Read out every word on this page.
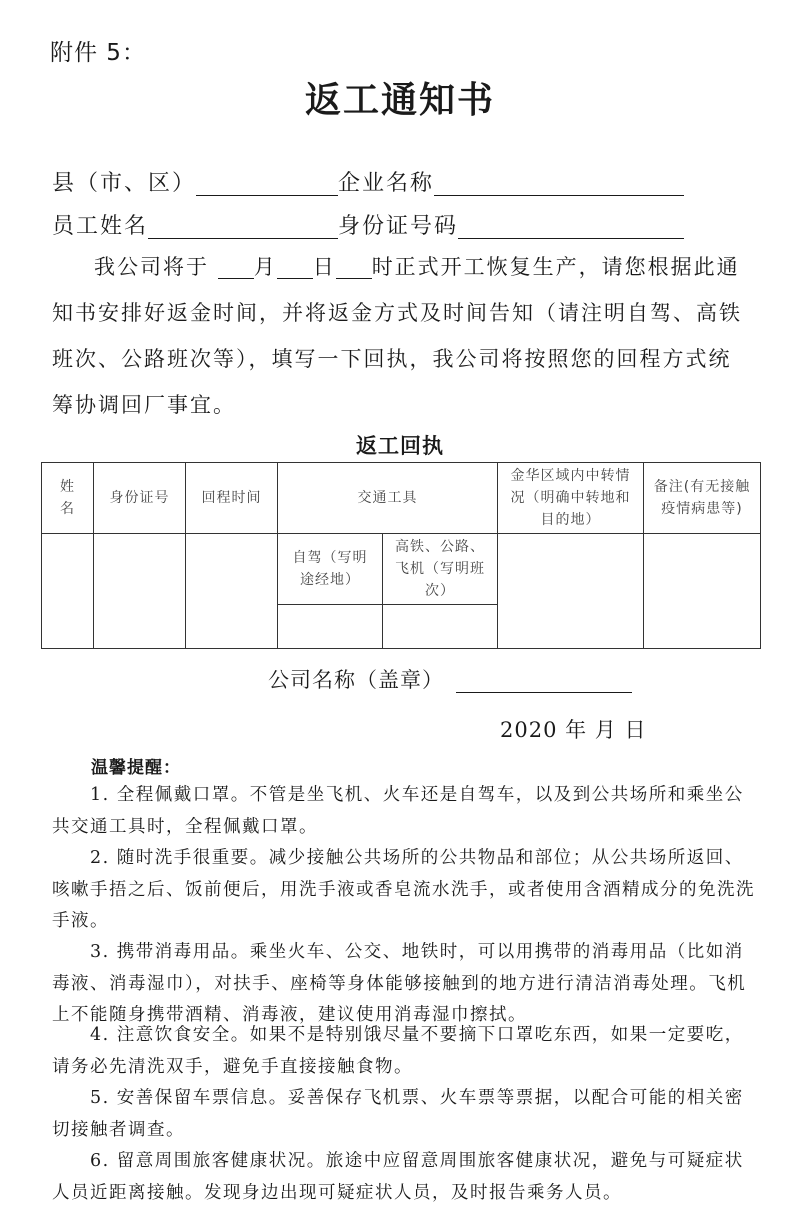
附件 5：
返工通知书
县（市、区）	企业名称
员工姓名	身份证号码
我公司将于 月 日 时正式开工恢复生产，请您根据此通知书安排好返金时间，并将返金方式及时间告知（请注明自驾、高铁班次、公路班次等），填写一下回执，我公司将按照您的回程方式统筹协调回厂事宜。
返工回执
姓名	身份证号	回程时间	交通工具		金华区域内中转情况（明确中转地和目的地）	备注(有无接触疫情病患等)
			自驾（写明途经地）	高铁、公路、飞机（写明班次）		

公司名称（盖章）
2020 年 月 日
温馨提醒：
1. 全程佩戴口罩。不管是坐飞机、火车还是自驾车，以及到公共场所和乘坐公共交通工具时，全程佩戴口罩。
2. 随时洗手很重要。减少接触公共场所的公共物品和部位；从公共场所返回、咳嗽手捂之后、饭前便后，用洗手液或香皂流水洗手，或者使用含酒精成分的免洗洗手液。
3. 携带消毒用品。乘坐火车、公交、地铁时，可以用携带的消毒用品（比如消毒液、消毒湿巾），对扶手、座椅等身体能够接触到的地方进行清洁消毒处理。飞机上不能随身携带酒精、消毒液，建议使用消毒湿巾擦拭。
4. 注意饮食安全。如果不是特别饿尽量不要摘下口罩吃东西，如果一定要吃，请务必先清洗双手，避免手直接接触食物。
5. 安善保留车票信息。妥善保存飞机票、火车票等票据，以配合可能的相关密切接触者调查。
6. 留意周围旅客健康状况。旅途中应留意周围旅客健康状况，避免与可疑症状人员近距离接触。发现身边出现可疑症状人员，及时报告乘务人员。
